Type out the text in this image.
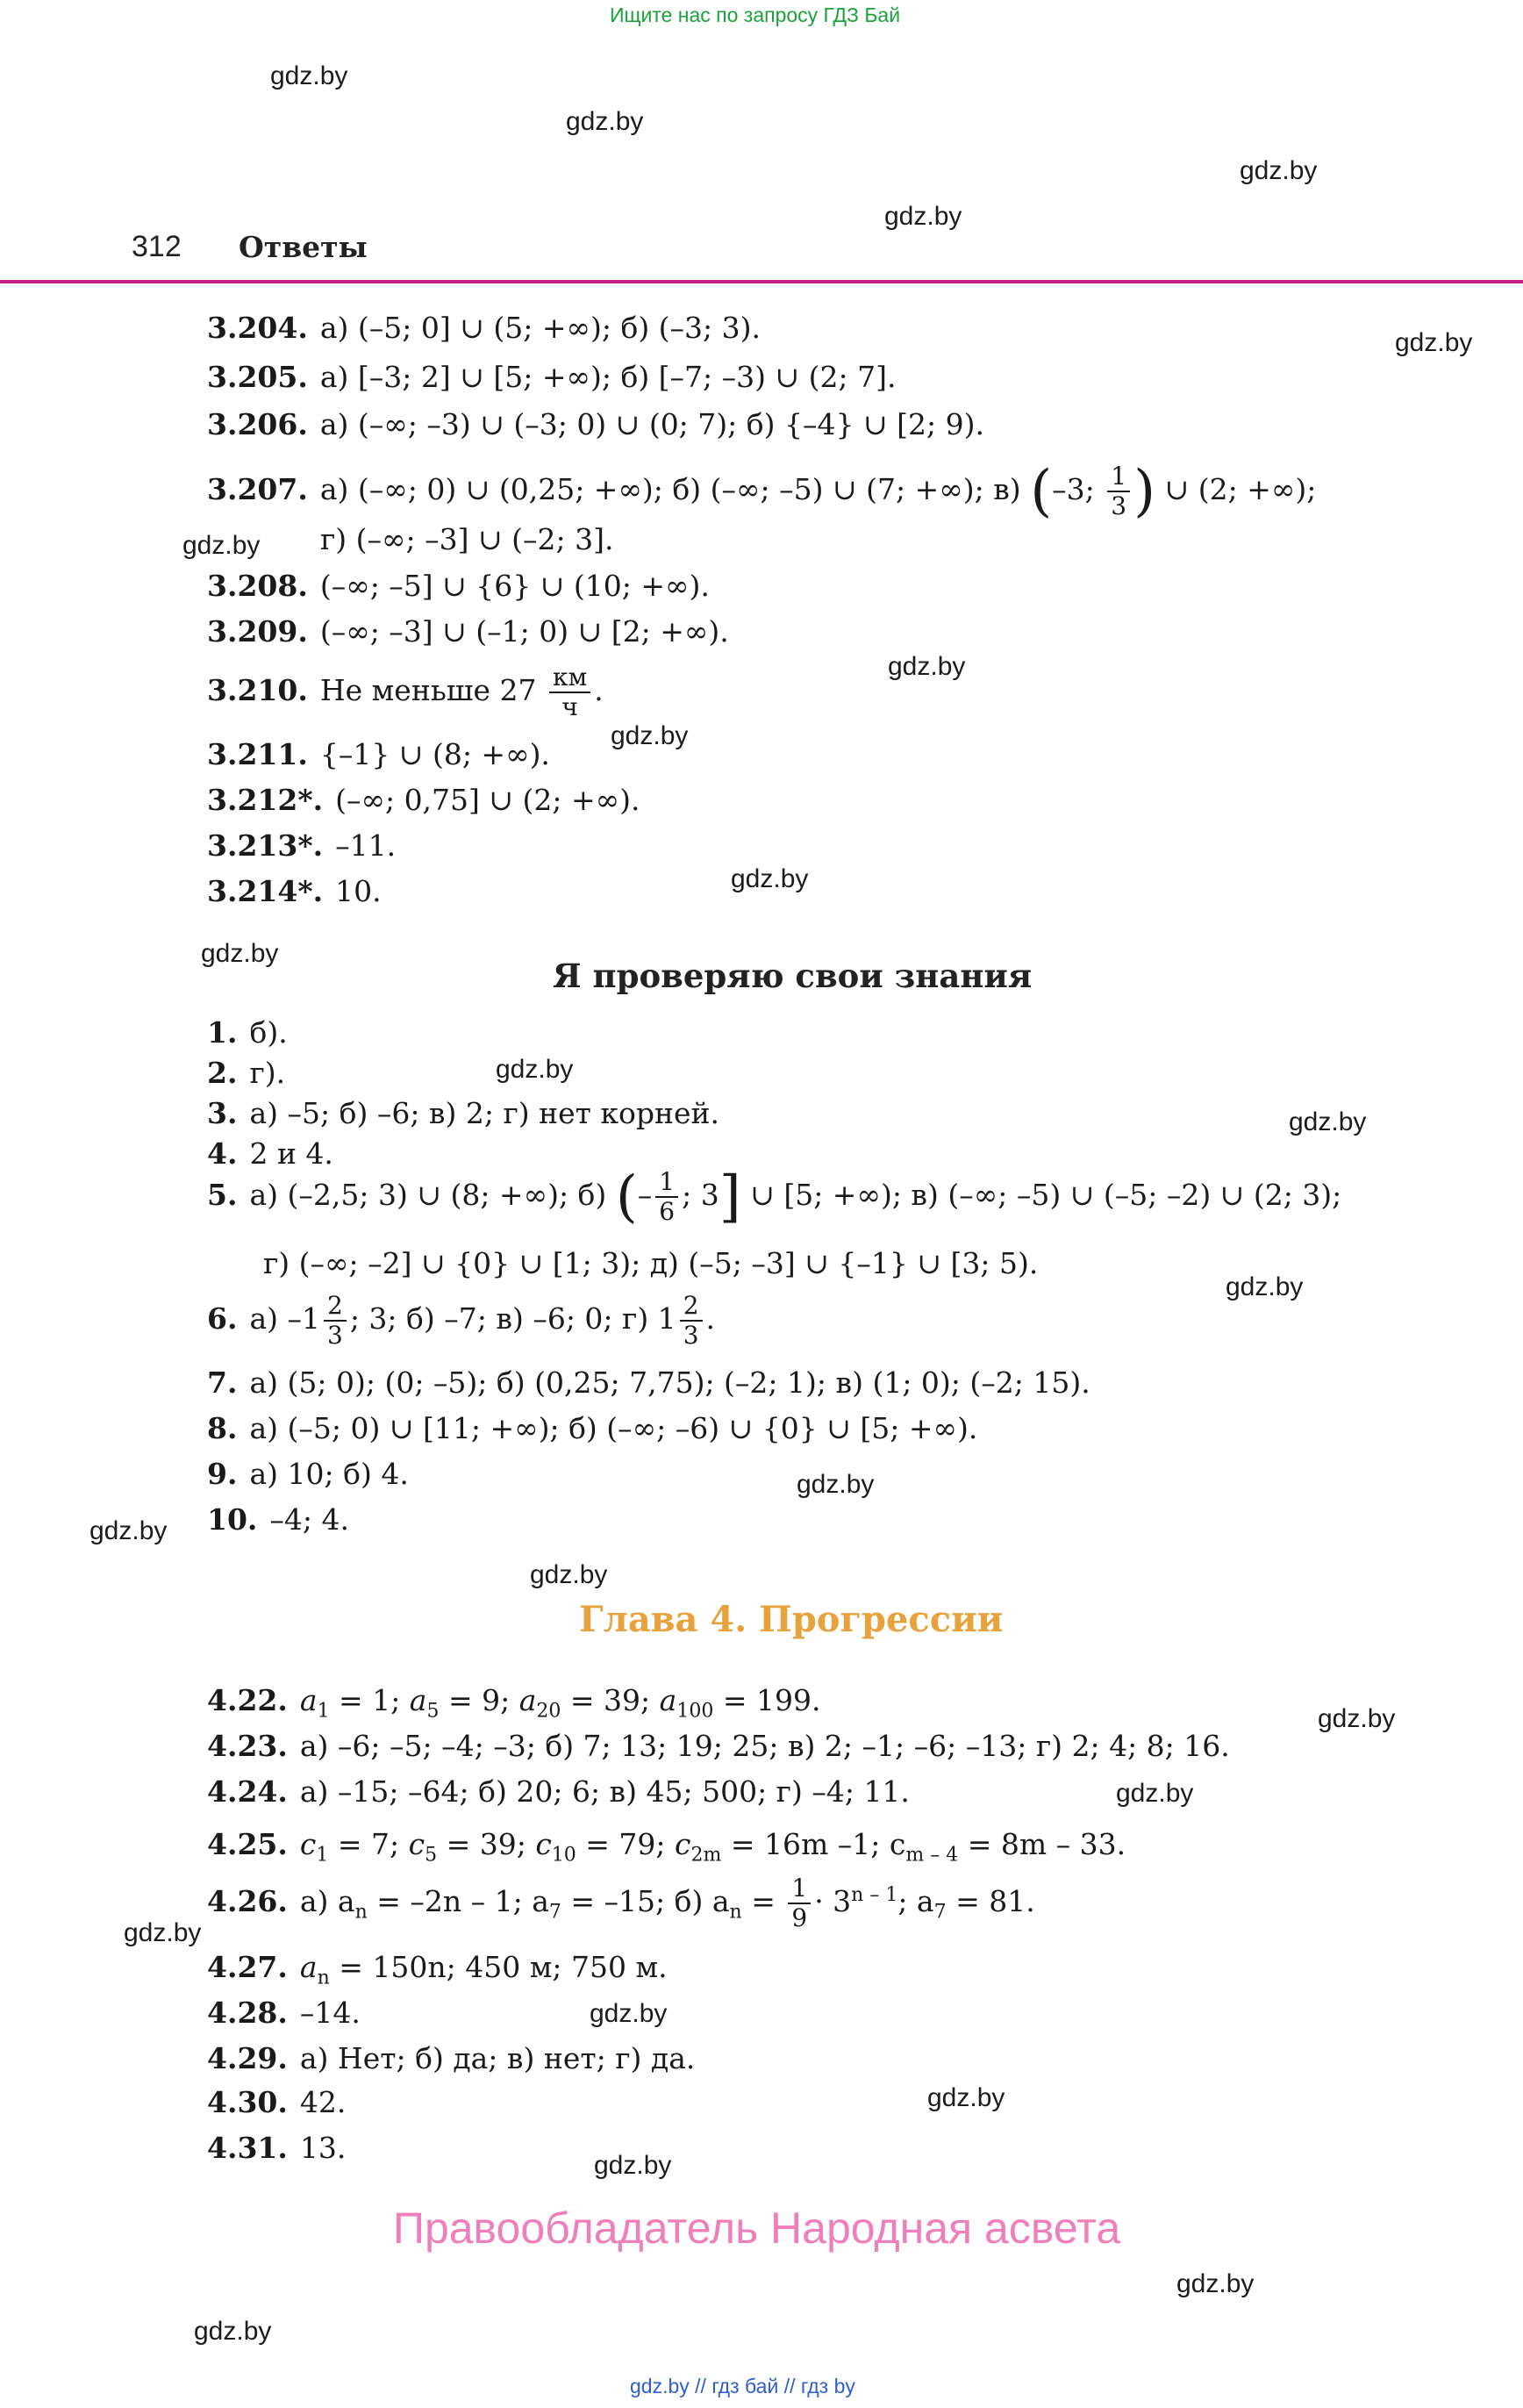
Ищите нас по запросу ГДЗ Бай
gdz.by
gdz.by
gdz.by
gdz.by
gdz.by
gdz.by
gdz.by
gdz.by
gdz.by
gdz.by
gdz.by
gdz.by
gdz.by
gdz.by
gdz.by
gdz.by
gdz.by
gdz.by
gdz.by
gdz.by
gdz.by
gdz.by
gdz.by
gdz.by
312 Ответы
3.204. а) (–5; 0] ∪ (5; +∞); б) (–3; 3).
3.205. а) [–3; 2] ∪ [5; +∞); б) [–7; –3) ∪ (2; 7].
3.206. а) (–∞; –3) ∪ (–3; 0) ∪ (0; 7); б) {–4} ∪ [2; 9).
3.207. а) (–∞; 0) ∪ (0,25; +∞); б) (–∞; –5) ∪ (7; +∞); в) (–3; $\frac{1}{3}$ ) ∪ (2; +∞);
г) (–∞; –3] ∪ (–2; 3].
3.208. (–∞; –5] ∪ {6} ∪ (10; +∞).
3.209. (–∞; –3] ∪ (–1; 0) ∪ [2; +∞).
3.210. Не меньше $27 \frac{км}{ч}$ .
3.211. {–1} ∪ (8; +∞).
3.212*. (–∞; 0,75] ∪ (2; +∞).
3.213*. –11.
3.214*. 10.
Я проверяю свои знания
1. б).
2. г).
3. а) –5; б) –6; в) 2; г) нет корней.
4. 2 и 4.
5. а) (–2,5; 3) ∪ (8; +∞); б) (– $\frac{1}{6}$ ; 3] ∪ [5; +∞); в) (–∞; –5) ∪ (–5; –2) ∪ (2; 3);
г) (–∞; –2] ∪ {0} ∪ [1; 3); д) (–5; –3] ∪ {–1} ∪ [3; 5).
6. а) $-1 \frac{2}{3}$ ; 3; б) –7; в) –6; 0; г) $1 \frac{2}{3}$ .
7. а) (5; 0); (0; –5); б) (0,25; 7,75); (–2; 1); в) (1; 0); (–2; 15).
8. а) (–5; 0) ∪ [11; +∞); б) (–∞; –6) ∪ {0} ∪ [5; +∞).
9. а) 10; б) 4.
10. –4; 4.
Глава 4. Прогрессии
4.22. $a_1 = 1$; $a_5 = 9$; $a_{20} = 39$; $a_{100} = 199$.
4.23. а) –6; –5; –4; –3; б) 7; 13; 19; 25; в) 2; –1; –6; –13; г) 2; 4; 8; 16.
4.24. а) –15; –64; б) 20; 6; в) 45; 500; г) –4; 11.
4.25. $c_1 = 7$; $c_5 = 39$; $c_{10} = 79$; $c_{2m} = 16m$ –1; $c_{m - 4} = 8m - 33$.
4.26. а) $a_n = -2n - 1$; $a_7 = -15$; б) $a_n = \frac{1}{9} \cdot 3^{n - 1}$; $a_7 = 81$.
4.27. $a_n = 150n$; 450 м; 750 м.
4.28. –14.
4.29. а) Нет; б) да; в) нет; г) да.
4.30. 42.
4.31. 13.
Правообладатель Народная асвета
gdz.by // гдз бай // гдз by
